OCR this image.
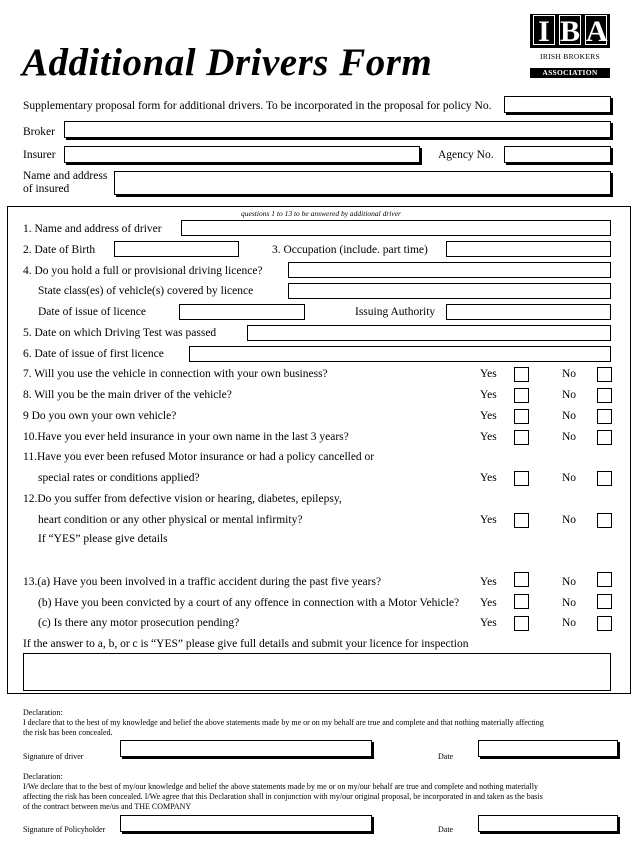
Additional Drivers Form
I B A
IRISH BROKERS
ASSOCIATION
Supplementary proposal form for additional drivers. To be incorporated in the proposal for policy No.
Broker
Insurer	Agency No.
Name and address
of insured
questions 1 to 13 to be answered by additional driver
1. Name and address of driver
2. Date of Birth	3. Occupation (include. part time)
4. Do you hold a full or provisional driving licence?
State class(es) of vehicle(s) covered by licence
Date of issue of licence	Issuing Authority
5. Date on which Driving Test was passed
6. Date of issue of first licence
7. Will you use the vehicle in connection with your own business?	Yes	No
8. Will you be the main driver of the vehicle?	Yes	No
9 Do you own your own vehicle?	Yes	No
10.Have you ever held insurance in your own name in the last 3 years?	Yes	No
11.Have you ever been refused Motor insurance or had a policy cancelled or
special rates or conditions applied?	Yes	No
12.Do you suffer from defective vision or hearing, diabetes, epilepsy,
heart condition or any other physical or mental infirmity?	Yes	No
If “YES” please give details
13.(a) Have you been involved in a traffic accident during the past five years?	Yes	No
(b) Have you been convicted by a court of any offence in connection with a Motor Vehicle? Yes	No
(c) Is there any motor prosecution pending?	Yes	No
If the answer to a, b, or c is “YES” please give full details and submit your licence for inspection
Declaration:
I declare that to the best of my knowledge and belief the above statements made by me or on my behalf are true and complete and that nothing materially affecting
the risk has been concealed.
Signature of driver	Date
Declaration:
I/We declare that to the best of my/our knowledge and belief the above statements made by me or on my/our behalf are true and complete and nothing materially
affecting the risk has been concealed. I/We agree that this Declaration shall in conjunction with my/our original proposal, be incorporated in and taken as the basis
of the contract between me/us and THE COMPANY
Signature of Policyholder	Date
